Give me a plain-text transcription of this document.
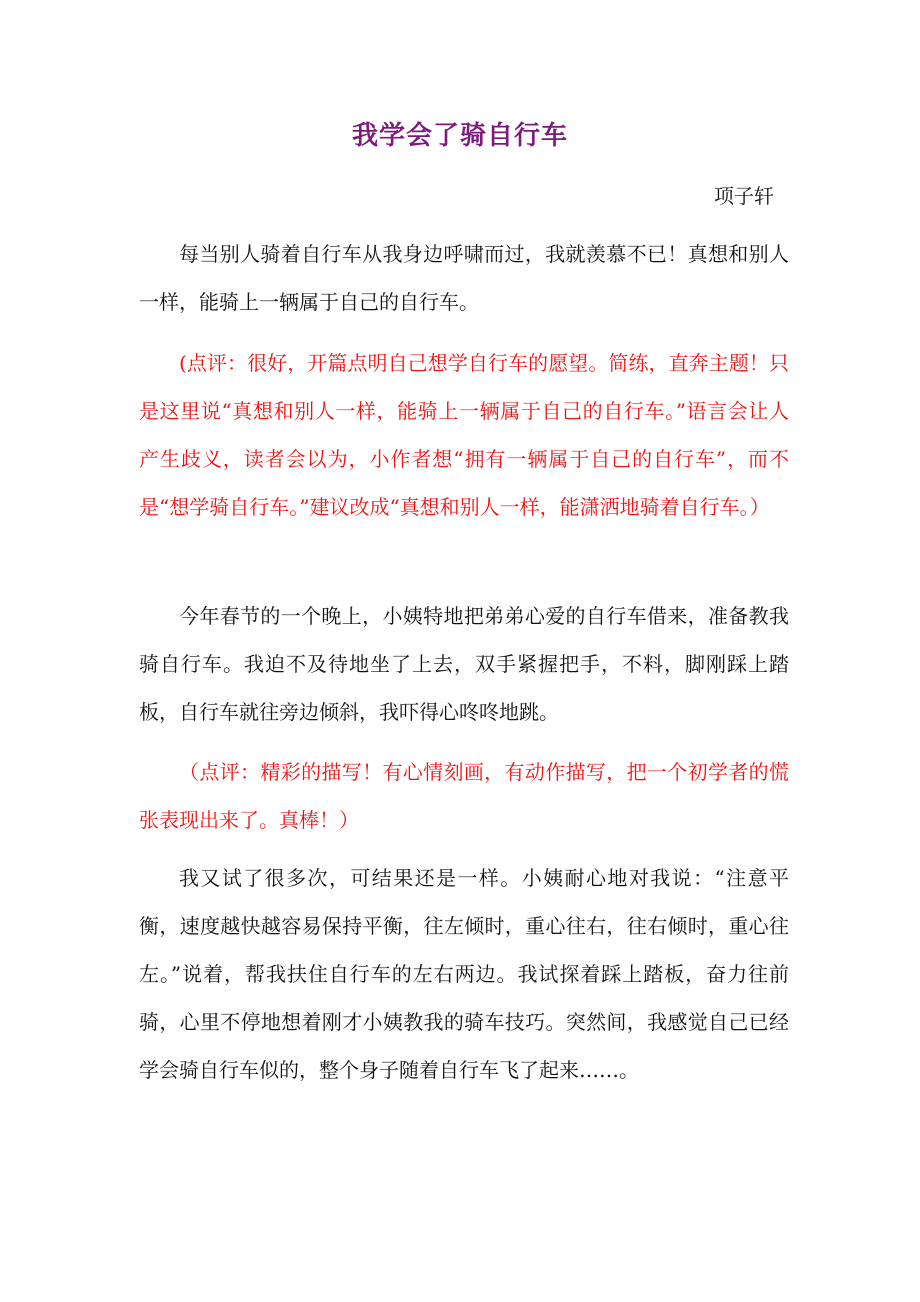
我学会了骑自行车
项子轩

每当别人骑着自行车从我身边呼啸而过，我就羡慕不已！真想和别人一样，能骑上一辆属于自己的自行车。

(点评：很好，开篇点明自己想学自行车的愿望。简练，直奔主题！只是这里说“真想和别人一样，能骑上一辆属于自己的自行车。”语言会让人产生歧义，读者会以为，小作者想“拥有一辆属于自己的自行车”，而不是“想学骑自行车。”建议改成“真想和别人一样，能潇洒地骑着自行车。）

今年春节的一个晚上，小姨特地把弟弟心爱的自行车借来，准备教我骑自行车。我迫不及待地坐了上去，双手紧握把手，不料，脚刚踩上踏板，自行车就往旁边倾斜，我吓得心咚咚地跳。

（点评：精彩的描写！有心情刻画，有动作描写，把一个初学者的慌张表现出来了。真棒！）

我又试了很多次，可结果还是一样。小姨耐心地对我说：“注意平衡，速度越快越容易保持平衡，往左倾时，重心往右，往右倾时，重心往左。”说着，帮我扶住自行车的左右两边。我试探着踩上踏板，奋力往前骑，心里不停地想着刚才小姨教我的骑车技巧。突然间，我感觉自己已经学会骑自行车似的，整个身子随着自行车飞了起来……。
